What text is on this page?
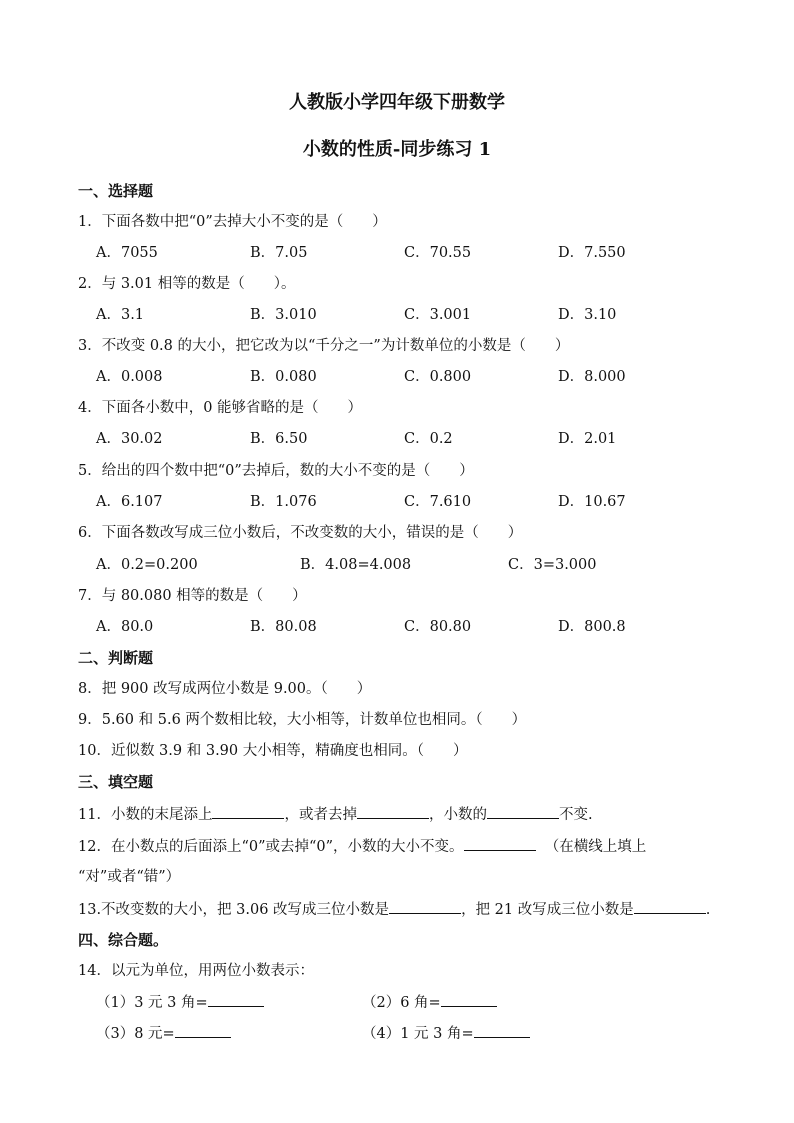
人教版小学四年级下册数学
小数的性质-同步练习 1
一、选择题
1．下面各数中把“0”去掉大小不变的是（　　）
A．7055	B．7.05	C．70.55	D．7.550
2．与 3.01 相等的数是（　　）。
A．3.1	B．3.010	C．3.001	D．3.10
3．不改变 0.8 的大小，把它改为以“千分之一”为计数单位的小数是（　　）
A．0.008	B．0.080	C．0.800	D．8.000
4．下面各小数中，0 能够省略的是（　　）
A．30.02	B．6.50	C．0.2	D．2.01
5．给出的四个数中把“0”去掉后，数的大小不变的是（　　）
A．6.107	B．1.076	C．7.610	D．10.67
6．下面各数改写成三位小数后，不改变数的大小，错误的是（　　）
A．0.2=0.200	B．4.08=4.008	C．3=3.000
7．与 80.080 相等的数是（　　）
A．80.0	B．80.08	C．80.80	D．800.8
二、判断题
8．把 900 改写成两位小数是 9.00。（　　）
9．5.60 和 5.6 两个数相比较，大小相等，计数单位也相同。（　　）
10．近似数 3.9 和 3.90 大小相等，精确度也相同。（　　）
三、填空题
11．小数的末尾添上	，或者去掉	，小数的	不变.
12．在小数点的后面添上“0”或去掉“0”，小数的大小不变。	（在横线上填上
“对”或者“错”）
13.不改变数的大小，把 3.06 改写成三位小数是	，把 21 改写成三位小数是	.
四、综合题。
14．以元为单位，用两位小数表示：
（1）3 元 3 角=	（2）6 角=
（3）8 元=	（4）1 元 3 角=
